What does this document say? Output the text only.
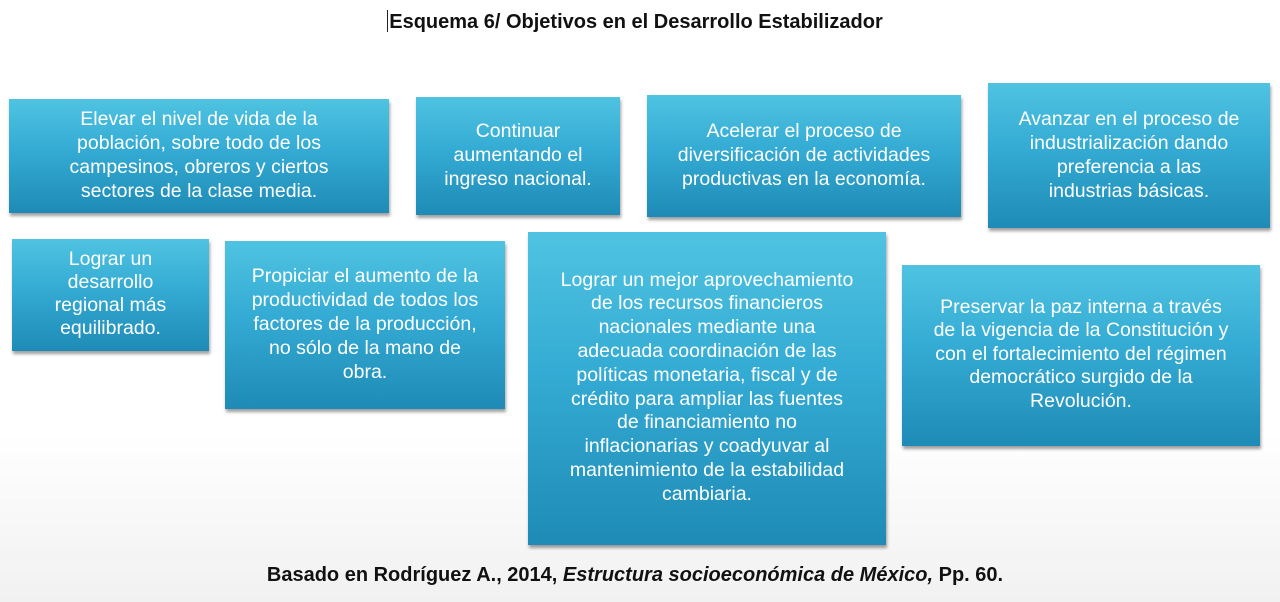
Esquema 6/ Objetivos en el Desarrollo Estabilizador
Elevar el nivel de vida de la
población, sobre todo de los
campesinos, obreros y ciertos
sectores de la clase media.
Continuar
aumentando el
ingreso nacional.
Acelerar el proceso de
diversificación de actividades
productivas en la economía.
Avanzar en el proceso de
industrialización dando
preferencia a las
industrias básicas.
Lograr un
desarrollo
regional más
equilibrado.
Propiciar el aumento de la
productividad de todos los
factores de la producción,
no sólo de la mano de
obra.
Lograr un mejor aprovechamiento
de los recursos financieros
nacionales mediante una
adecuada coordinación de las
políticas monetaria, fiscal y de
crédito para ampliar las fuentes
de financiamiento no
inflacionarias y coadyuvar al
mantenimiento de la estabilidad
cambiaria.
Preservar la paz interna a través
de la vigencia de la Constitución y
con el fortalecimiento del régimen
democrático surgido de la
Revolución.
Basado en Rodríguez A., 2014, Estructura socioeconómica de México, Pp. 60.
